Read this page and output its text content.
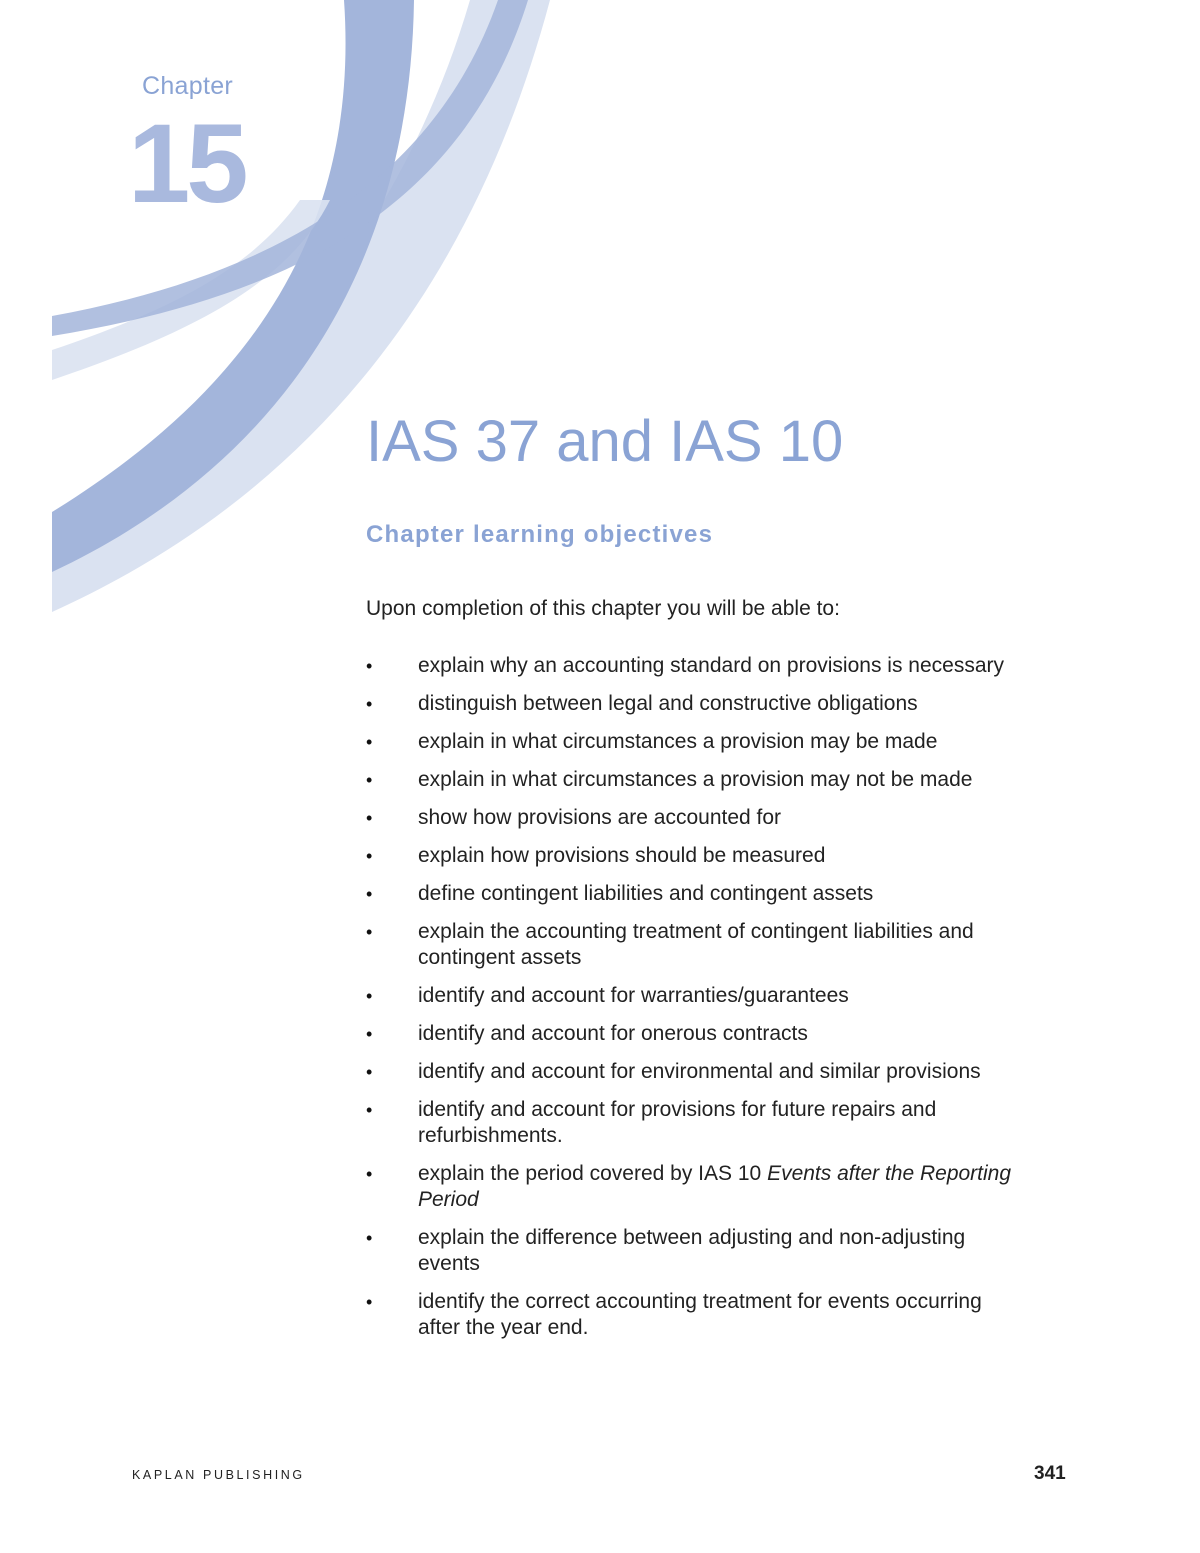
Chapter
15
IAS 37 and IAS 10
Chapter learning objectives

Upon completion of this chapter you will be able to:

•	explain why an accounting standard on provisions is necessary
•	distinguish between legal and constructive obligations
•	explain in what circumstances a provision may be made
•	explain in what circumstances a provision may not be made
•	show how provisions are accounted for
•	explain how provisions should be measured
•	define contingent liabilities and contingent assets
•	explain the accounting treatment of contingent liabilities and contingent assets
•	identify and account for warranties/guarantees
•	identify and account for onerous contracts
•	identify and account for environmental and similar provisions
•	identify and account for provisions for future repairs and refurbishments.
•	explain the period covered by IAS 10 Events after the Reporting Period
•	explain the difference between adjusting and non-adjusting events
•	identify the correct accounting treatment for events occurring after the year end.
KAPLAN PUBLISHING	341
